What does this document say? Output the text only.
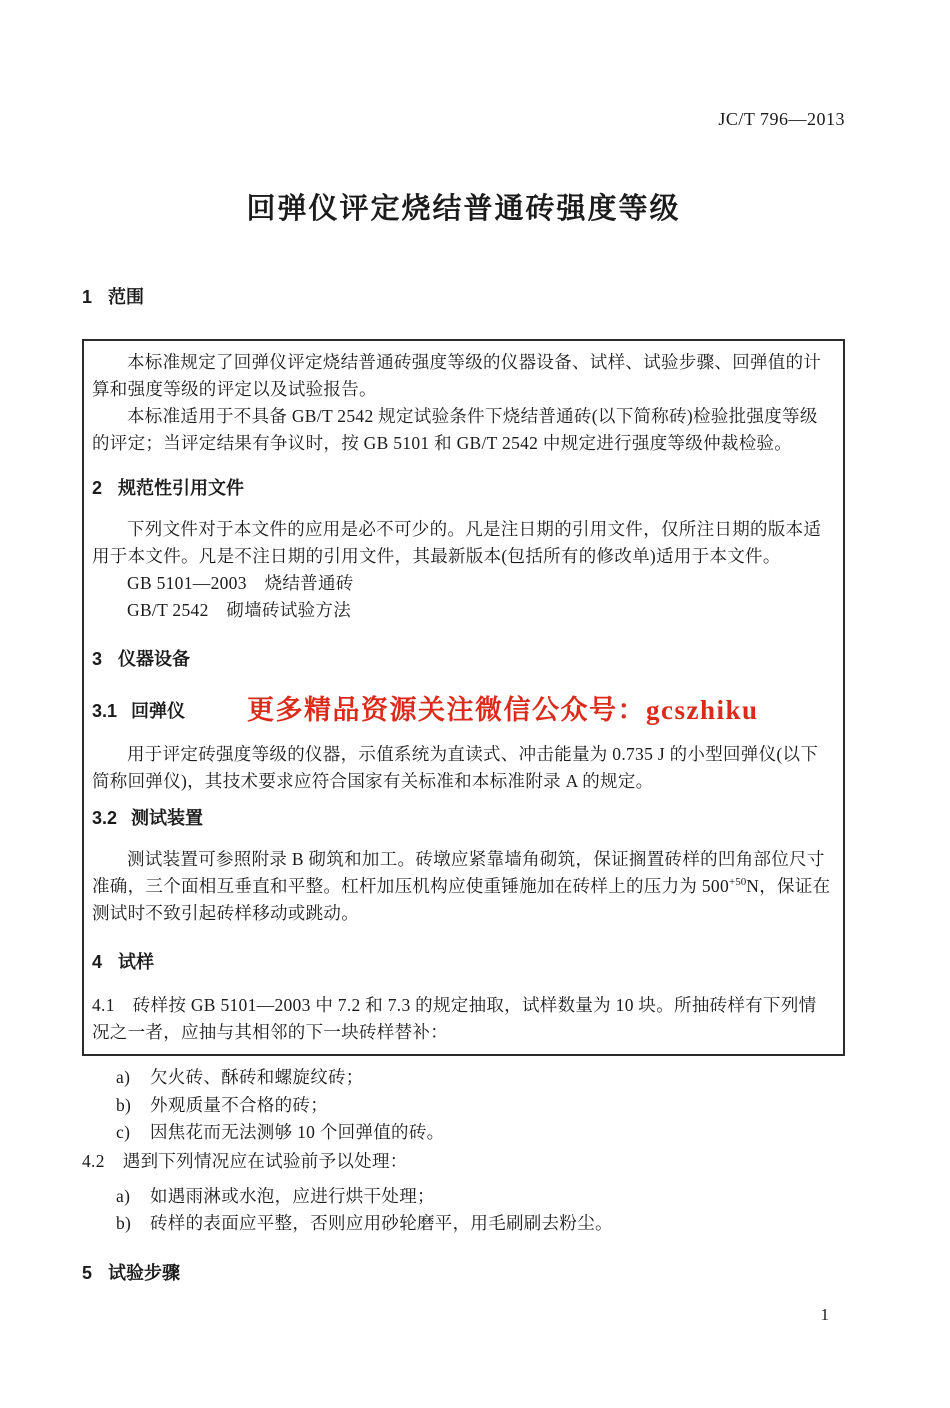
JC/T 796—2013
回弹仪评定烧结普通砖强度等级
1 范围

本标准规定了回弹仪评定烧结普通砖强度等级的仪器设备、试样、试验步骤、回弹值的计算和强度等级的评定以及试验报告。

本标准适用于不具备 GB/T 2542 规定试验条件下烧结普通砖(以下简称砖)检验批强度等级的评定；当评定结果有争议时，按 GB 5101 和 GB/T 2542 中规定进行强度等级仲裁检验。

2 规范性引用文件

下列文件对于本文件的应用是必不可少的。凡是注日期的引用文件，仅所注日期的版本适用于本文件。凡是不注日期的引用文件，其最新版本(包括所有的修改单)适用于本文件。

GB 5101—2003　烧结普通砖

GB/T 2542　砌墙砖试验方法

3 仪器设备
3.1 回弹仪 更多精品资源关注微信公众号：gcszhiku

用于评定砖强度等级的仪器，示值系统为直读式、冲击能量为 0.735 J 的小型回弹仪(以下简称回弹仪)，其技术要求应符合国家有关标准和本标准附录 A 的规定。

3.2 测试装置

测试装置可参照附录 B 砌筑和加工。砖墩应紧靠墙角砌筑，保证搁置砖样的凹角部位尺寸准确，三个面相互垂直和平整。杠杆加压机构应使重锤施加在砖样上的压力为 $500^{+50}N$，保证在测试时不致引起砖样移动或跳动。

4 试样

4.1 砖样按 GB 5101—2003 中 7.2 和 7.3 的规定抽取，试样数量为 10 块。所抽砖样有下列情况之一者，应抽与其相邻的下一块砖样替补：

a)	欠火砖、酥砖和螺旋纹砖；
b)	外观质量不合格的砖；
c)	因焦花而无法测够 10 个回弹值的砖。

4.2 遇到下列情况应在试验前予以处理：

a)	如遇雨淋或水泡，应进行烘干处理；
b)	砖样的表面应平整，否则应用砂轮磨平，用毛刷刷去粉尘。
5 试验步骤
1
